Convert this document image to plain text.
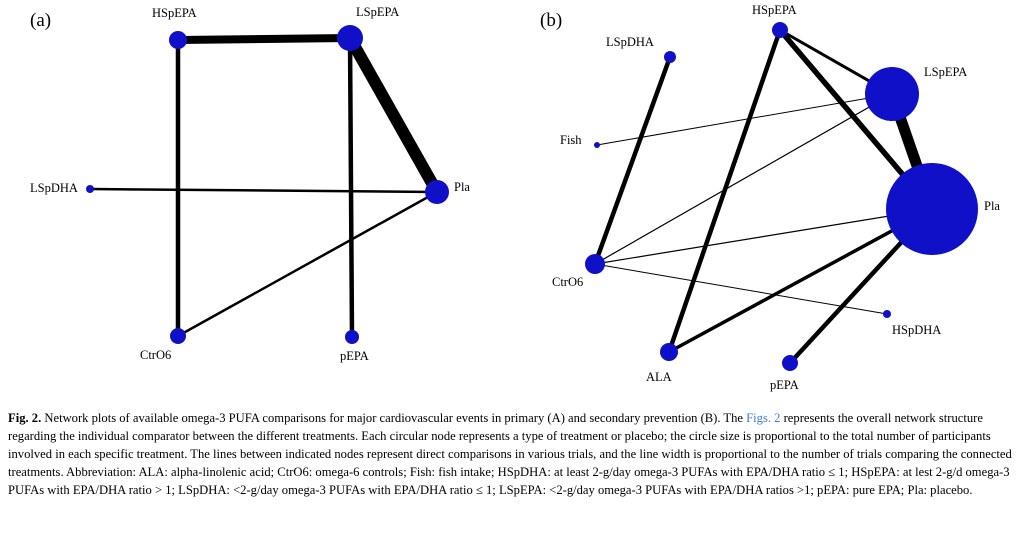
HSpEPA	LSpEPA
Pla
LSpDHA
CtrO6	pEPA
HSpEPA
LSpDHA
LSpEPA
Fish
Pla
CtrO6
HSpDHA
ALA
pEPA
(a)	(b)
Fig. 2. Network plots of available omega-3 PUFA comparisons for major cardiovascular events in primary (A) and secondary prevention (B). The Figs. 2 represents the overall network structure regarding the individual comparator between the different treatments. Each circular node represents a type of treatment or placebo; the circle size is proportional to the total number of participants involved in each specific treatment. The lines between indicated nodes represent direct comparisons in various trials, and the line width is proportional to the number of trials comparing the connected treatments. Abbreviation: ALA: alpha-linolenic acid; CtrO6: omega-6 controls; Fish: fish intake; HSpDHA: at least 2-g/day omega-3 PUFAs with EPA/DHA ratio ≤ 1; HSpEPA: at lest 2-g/d omega-3 PUFAs with EPA/DHA ratio > 1; LSpDHA: <2-g/day omega-3 PUFAs with EPA/DHA ratio ≤ 1; LSpEPA: <2-g/day omega-3 PUFAs with EPA/DHA ratios >1; pEPA: pure EPA; Pla: placebo.
